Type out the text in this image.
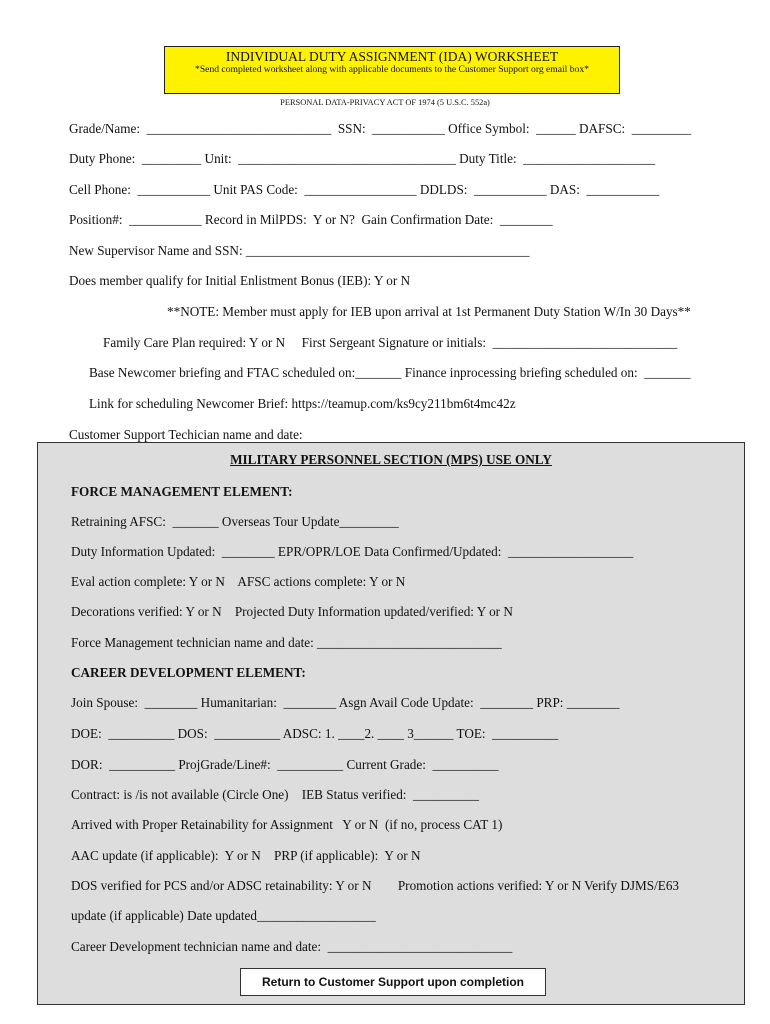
INDIVIDUAL DUTY ASSIGNMENT (IDA) WORKSHEET
*Send completed worksheet along with applicable documents to the Customer Support org email box*
PERSONAL DATA-PRIVACY ACT OF 1974 (5 U.S.C. 552a)
Grade/Name:  ____________________________  SSN:  ___________ Office Symbol:  ______ DAFSC:  _________
Duty Phone:  _________ Unit:  _________________________________ Duty Title:  ____________________
Cell Phone:  ___________ Unit PAS Code:  _________________ DDLDS:  ___________ DAS:  ___________
Position#:  ___________ Record in MilPDS:  Y or N?  Gain Confirmation Date:  ________
New Supervisor Name and SSN: ___________________________________________
Does member qualify for Initial Enlistment Bonus (IEB): Y or N
**NOTE: Member must apply for IEB upon arrival at 1st Permanent Duty Station W/In 30 Days**
Family Care Plan required: Y or N     First Sergeant Signature or initials:  ____________________________
Base Newcomer briefing and FTAC scheduled on:_______ Finance inprocessing briefing scheduled on:  _______
Link for scheduling Newcomer Brief: https://teamup.com/ks9cy211bm6t4mc42z
Customer Support Techician name and date:
MILITARY PERSONNEL SECTION (MPS) USE ONLY
FORCE MANAGEMENT ELEMENT:
Retraining AFSC:  _______ Overseas Tour Update_________
Duty Information Updated:  ________ EPR/OPR/LOE Data Confirmed/Updated:  ___________________
Eval action complete: Y or N    AFSC actions complete: Y or N
Decorations verified: Y or N    Projected Duty Information updated/verified: Y or N
Force Management technician name and date: ____________________________
CAREER DEVELOPMENT ELEMENT:
Join Spouse:  ________ Humanitarian:  ________ Asgn Avail Code Update:  ________ PRP: ________
DOE:  __________ DOS:  __________ ADSC: 1. ____2. ____ 3______ TOE:  __________
DOR:  __________ ProjGrade/Line#:  __________ Current Grade:  __________
Contract: is /is not available (Circle One)    IEB Status verified:  __________
Arrived with Proper Retainability for Assignment   Y or N  (if no, process CAT 1)
AAC update (if applicable):  Y or N    PRP (if applicable):  Y or N
DOS verified for PCS and/or ADSC retainability: Y or N        Promotion actions verified: Y or N Verify DJMS/E63
update (if applicable) Date updated__________________
Career Development technician name and date:  ____________________________
Return to Customer Support upon completion
